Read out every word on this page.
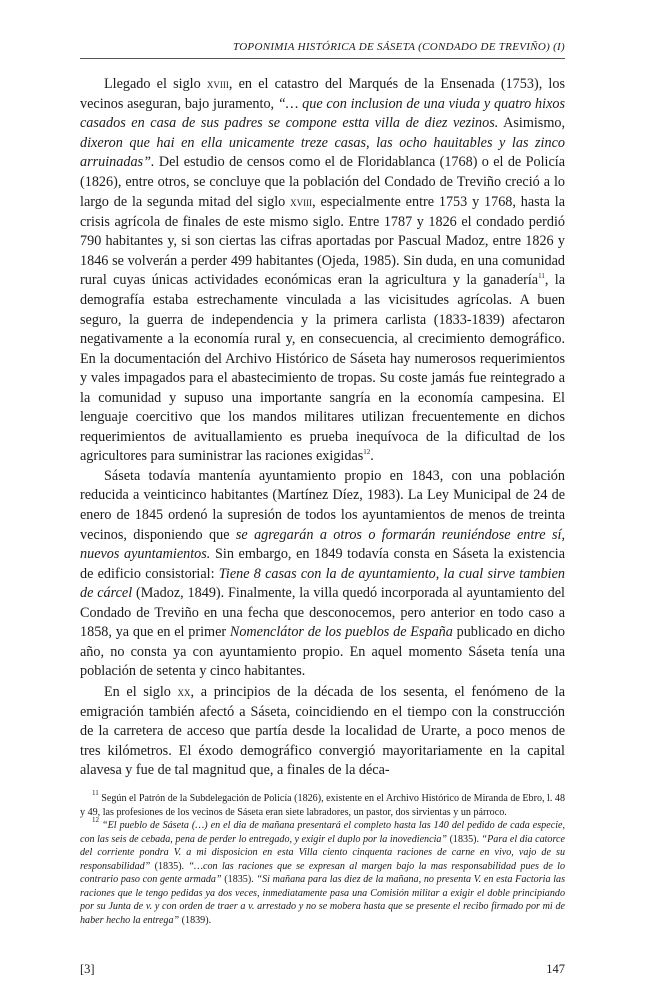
TOPONIMIA HISTÓRICA DE SÁSETA (CONDADO DE TREVIÑO) (I)

Llegado el siglo xviii, en el catastro del Marqués de la Ensenada (1753), los vecinos aseguran, bajo juramento, “… que con inclusion de una viuda y quatro hixos casados en casa de sus padres se compone estta villa de diez vezinos. Asimismo, dixeron que hai en ella unicamente treze casas, las ocho hauitables y las zinco arruinadas”. Del estudio de censos como el de Floridablanca (1768) o el de Policía (1826), entre otros, se concluye que la población del Condado de Treviño creció a lo largo de la segunda mitad del siglo xviii, especialmente entre 1753 y 1768, hasta la crisis agrícola de finales de este mismo siglo. Entre 1787 y 1826 el condado perdió 790 habitantes y, si son ciertas las cifras aportadas por Pascual Madoz, entre 1826 y 1846 se volverán a perder 499 habitantes (Ojeda, 1985). Sin duda, en una comunidad rural cuyas únicas actividades económicas eran la agricultura y la ganadería$^{11}$, la demografía estaba estrechamente vinculada a las vicisitudes agrícolas. A buen seguro, la guerra de independencia y la primera carlista (1833-1839) afectaron negativamente a la economía rural y, en consecuencia, al crecimiento demográfico. En la documentación del Archivo Histórico de Sáseta hay numerosos requerimientos y vales impagados para el abastecimiento de tropas. Su coste jamás fue reintegrado a la comunidad y supuso una importante sangría en la economía campesina. El lenguaje coercitivo que los mandos militares utilizan frecuentemente en dichos requerimientos de avituallamiento es prueba inequívoca de la dificultad de los agricultores para suministrar las raciones exigidas$^{12}$.

Sáseta todavía mantenía ayuntamiento propio en 1843, con una población reducida a veinticinco habitantes (Martínez Díez, 1983). La Ley Municipal de 24 de enero de 1845 ordenó la supresión de todos los ayuntamientos de menos de treinta vecinos, disponiendo que se agregarán a otros o formarán reuniéndose entre sí, nuevos ayuntamientos. Sin embargo, en 1849 todavía consta en Sáseta la existencia de edificio consistorial: Tiene 8 casas con la de ayuntamiento, la cual sirve tambien de cárcel (Madoz, 1849). Finalmente, la villa quedó incorporada al ayuntamiento del Condado de Treviño en una fecha que desconocemos, pero anterior en todo caso a 1858, ya que en el primer Nomenclátor de los pueblos de España publicado en dicho año, no consta ya con ayuntamiento propio. En aquel momento Sáseta tenía una población de setenta y cinco habitantes.

En el siglo xx, a principios de la década de los sesenta, el fenómeno de la emigración también afectó a Sáseta, coincidiendo en el tiempo con la construcción de la carretera de acceso que partía desde la localidad de Urarte, a poco menos de tres kilómetros. El éxodo demográfico convergió mayoritariamente en la capital alavesa y fue de tal magnitud que, a finales de la déca-

$^{11}$ Según el Patrón de la Subdelegación de Policía (1826), existente en el Archivo Histórico de Miranda de Ebro, l. 48 y 49, las profesiones de los vecinos de Sáseta eran siete labradores, un pastor, dos sirvientas y un párroco.

$^{12}$ “El pueblo de Sáseta (…) en el dia de mañana presentará el completo hasta las 140 del pedido de cada especie, con las seis de cebada, pena de perder lo entregado, y exigir el duplo por la inovediencia” (1835). “Para el dia catorce del corriente pondra V. a mi disposicion en esta Villa ciento cinquenta raciones de carne en vivo, vajo de su responsabilidad” (1835). “…con las raciones que se expresan al margen bajo la mas responsabilidad pues de lo contrario paso con gente armada” (1835). “Si mañana para las diez de la mañana, no presenta V. en esta Factoria las raciones que le tengo pedidas ya dos veces, inmediatamente pasa una Comisión militar a exigir el doble principiando por su Junta de v. y con orden de traer a v. arrestado y no se mobera hasta que se presente el recibo firmado por mi de haber hecho la entrega” (1839).

[3]	147
